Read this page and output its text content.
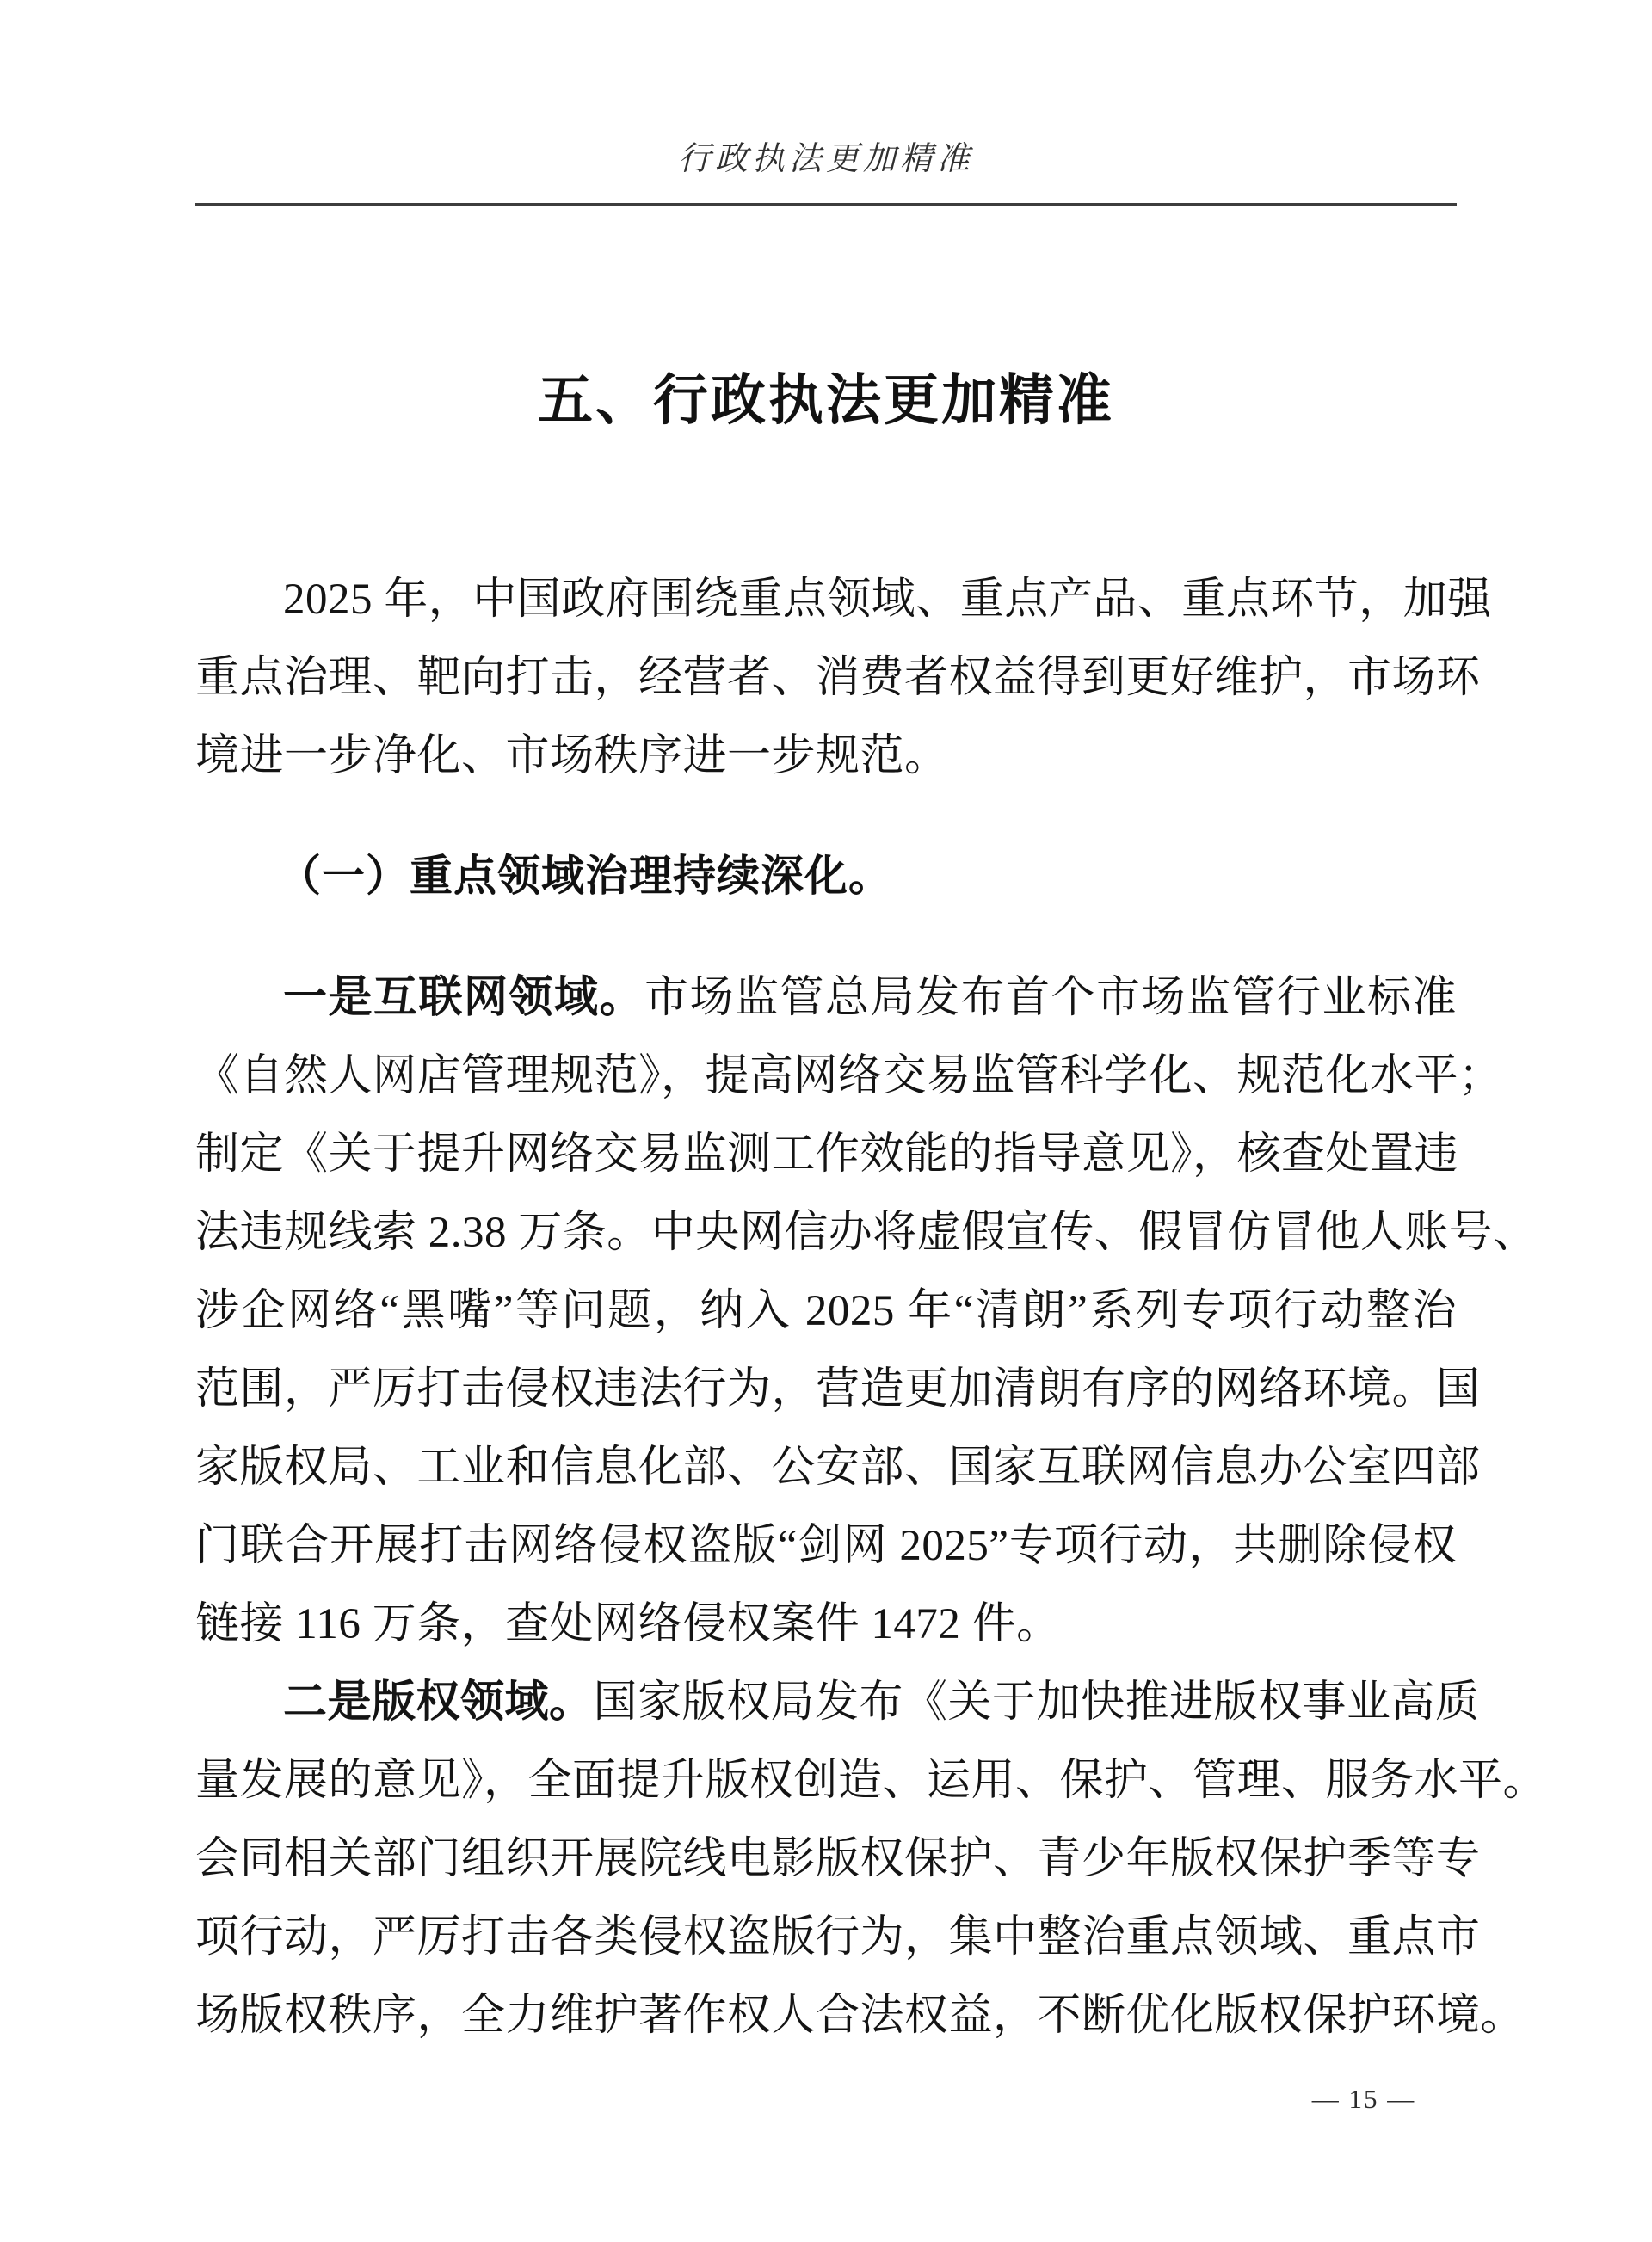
行政执法更加精准
五、行政执法更加精准
2025 年，中国政府围绕重点领域、重点产品、重点环节，加强
重点治理、靶向打击，经营者、消费者权益得到更好维护，市场环
境进一步净化、市场秩序进一步规范。
（一）重点领域治理持续深化。
一是互联网领域。市场监管总局发布首个市场监管行业标准
《自然人网店管理规范》，提高网络交易监管科学化、规范化水平；
制定《关于提升网络交易监测工作效能的指导意见》，核查处置违
法违规线索 2.38 万条。中央网信办将虚假宣传、假冒仿冒他人账号、
涉企网络“黑嘴”等问题，纳入 2025 年“清朗”系列专项行动整治
范围，严厉打击侵权违法行为，营造更加清朗有序的网络环境。国
家版权局、工业和信息化部、公安部、国家互联网信息办公室四部
门联合开展打击网络侵权盗版“剑网 2025”专项行动，共删除侵权
链接 116 万条，查处网络侵权案件 1472 件。
二是版权领域。国家版权局发布《关于加快推进版权事业高质
量发展的意见》，全面提升版权创造、运用、保护、管理、服务水平。
会同相关部门组织开展院线电影版权保护、青少年版权保护季等专
项行动，严厉打击各类侵权盗版行为，集中整治重点领域、重点市
场版权秩序，全力维护著作权人合法权益，不断优化版权保护环境。
— 15 —
